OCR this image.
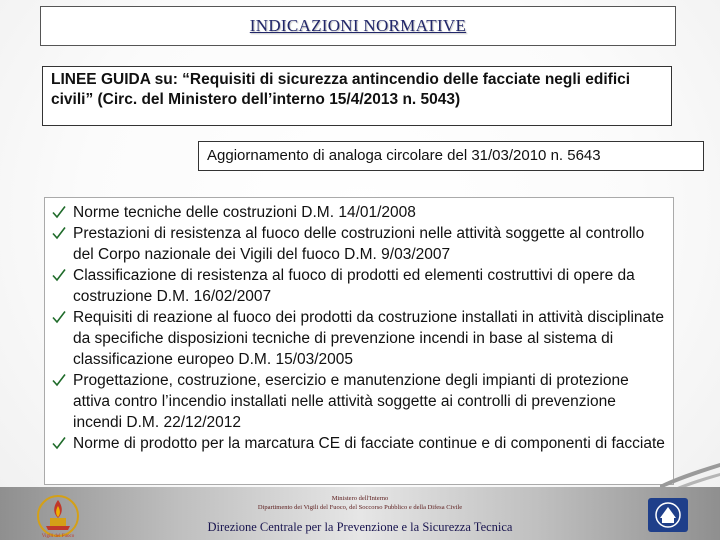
INDICAZIONI NORMATIVE
LINEE GUIDA su: “Requisiti di sicurezza antincendio delle facciate negli edifici civili” (Circ. del Ministero dell’interno 15/4/2013 n. 5043)
Aggiornamento di analoga circolare del 31/03/2010 n. 5643
Norme tecniche delle costruzioni D.M. 14/01/2008
Prestazioni di resistenza al fuoco delle costruzioni nelle attività soggette al controllo del Corpo nazionale dei Vigili del fuoco D.M. 9/03/2007
Classificazione di resistenza al fuoco di prodotti ed elementi costruttivi di opere da costruzione D.M. 16/02/2007
Requisiti di reazione al fuoco dei prodotti da costruzione installati in attività disciplinate da specifiche disposizioni tecniche di prevenzione incendi in base al sistema di classificazione europeo D.M. 15/03/2005
Progettazione, costruzione, esercizio e manutenzione degli impianti di protezione attiva contro l’incendio installati nelle attività soggette ai controlli di prevenzione incendi D.M. 22/12/2012
Norme di prodotto per la marcatura CE di facciate continue e di componenti di facciate
Vigili del Fuoco
Ministero dell'Interno
Dipartimento dei Vigili del Fuoco, del Soccorso Pubblico e della Difesa Civile
Direzione Centrale per la Prevenzione e la Sicurezza Tecnica
